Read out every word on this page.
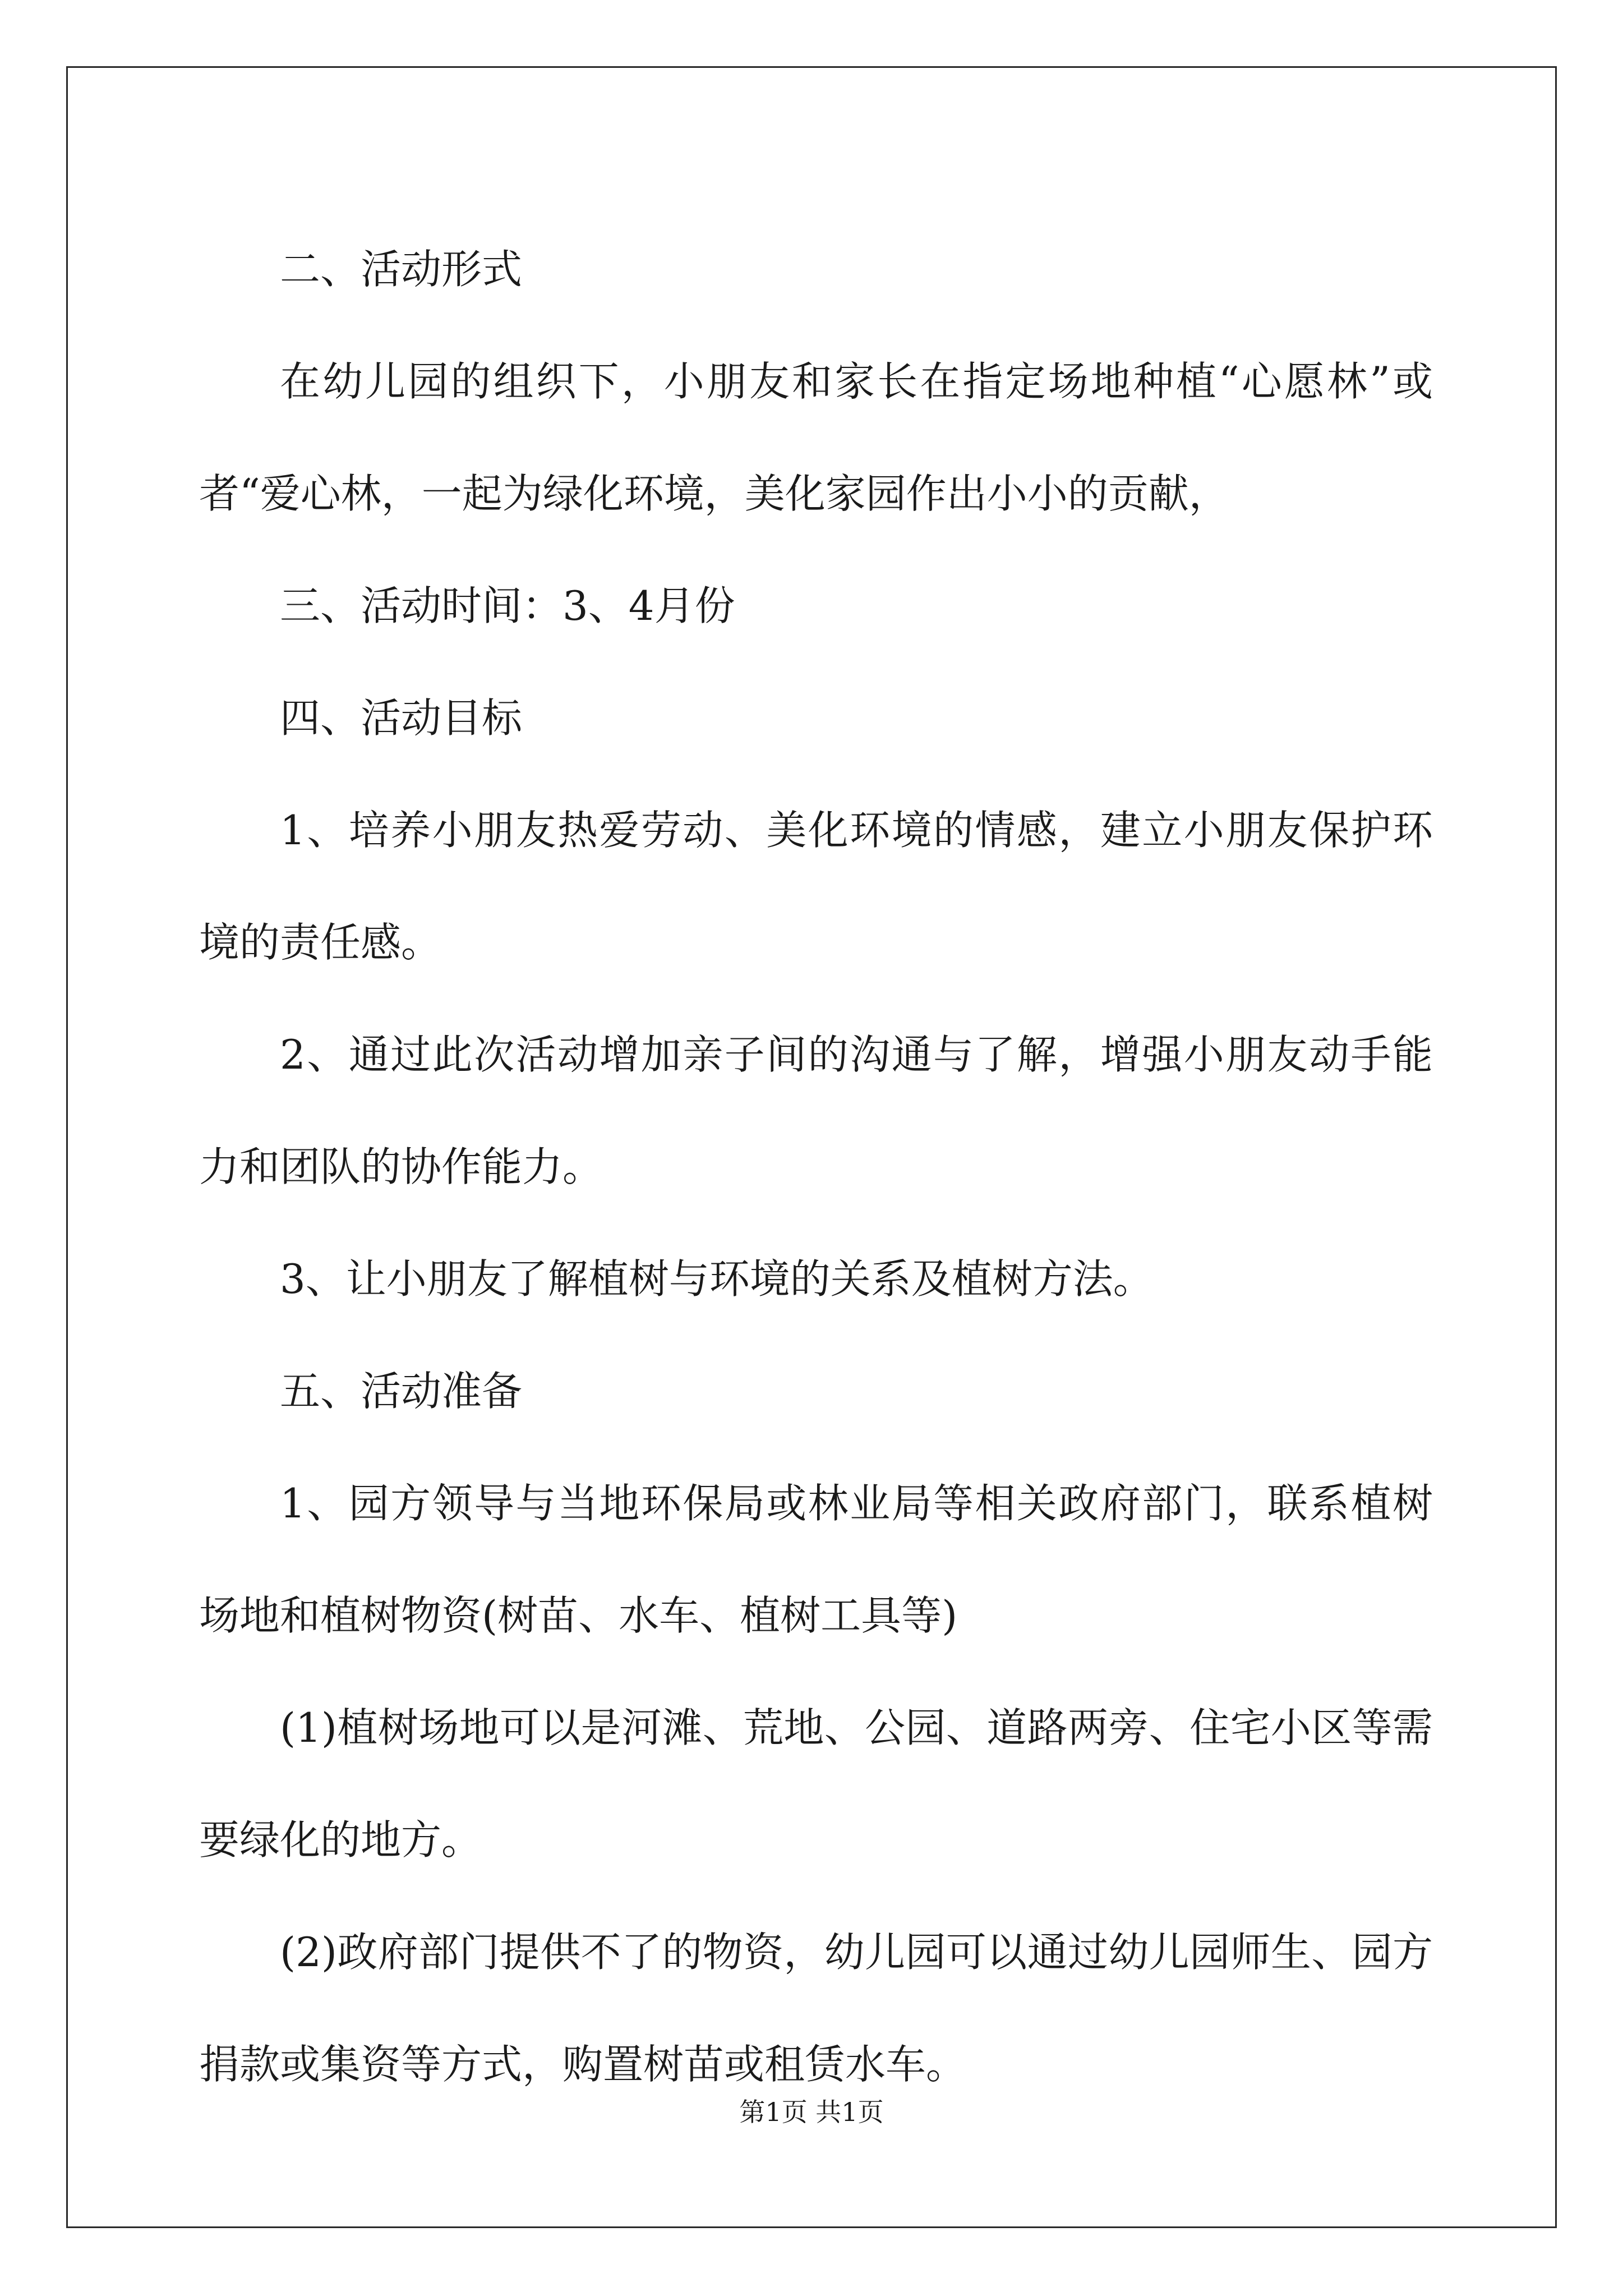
二、活动形式

在幼儿园的组织下，小朋友和家长在指定场地种植“心愿林”或者“爱心林，一起为绿化环境，美化家园作出小小的贡献，

三、活动时间：3、4月份

四、活动目标

1、培养小朋友热爱劳动、美化环境的情感，建立小朋友保护环境的责任感。

2、通过此次活动增加亲子间的沟通与了解，增强小朋友动手能力和团队的协作能力。

3、让小朋友了解植树与环境的关系及植树方法。

五、活动准备

1、园方领导与当地环保局或林业局等相关政府部门，联系植树场地和植树物资(树苗、水车、植树工具等)

(1)植树场地可以是河滩、荒地、公园、道路两旁、住宅小区等需要绿化的地方。

(2)政府部门提供不了的物资，幼儿园可以通过幼儿园师生、园方捐款或集资等方式，购置树苗或租赁水车。

第1页 共1页
